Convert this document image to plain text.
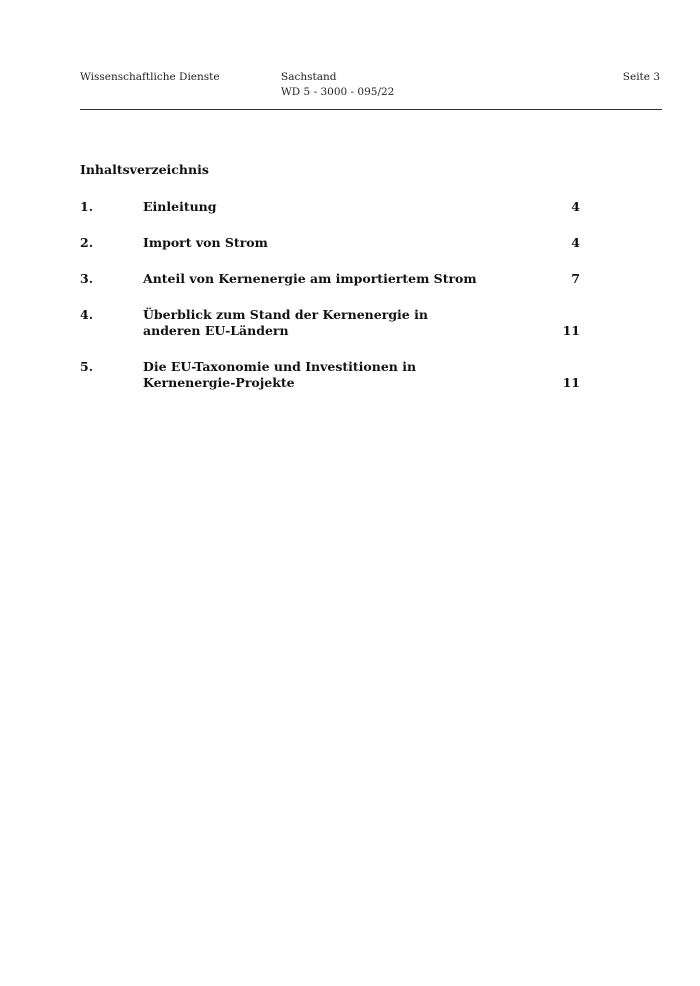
Wissenschaftliche Dienste	Sachstand
WD 5 - 3000 - 095/22
Seite 3
Inhaltsverzeichnis
1.	Einleitung	4
2.	Import von Strom	4
3.	Anteil von Kernenergie am importiertem Strom	7
4.	Überblick zum Stand der Kernenergie in anderen EU-Ländern	11
5.	Die EU-Taxonomie und Investitionen in Kernenergie-Projekte	11
